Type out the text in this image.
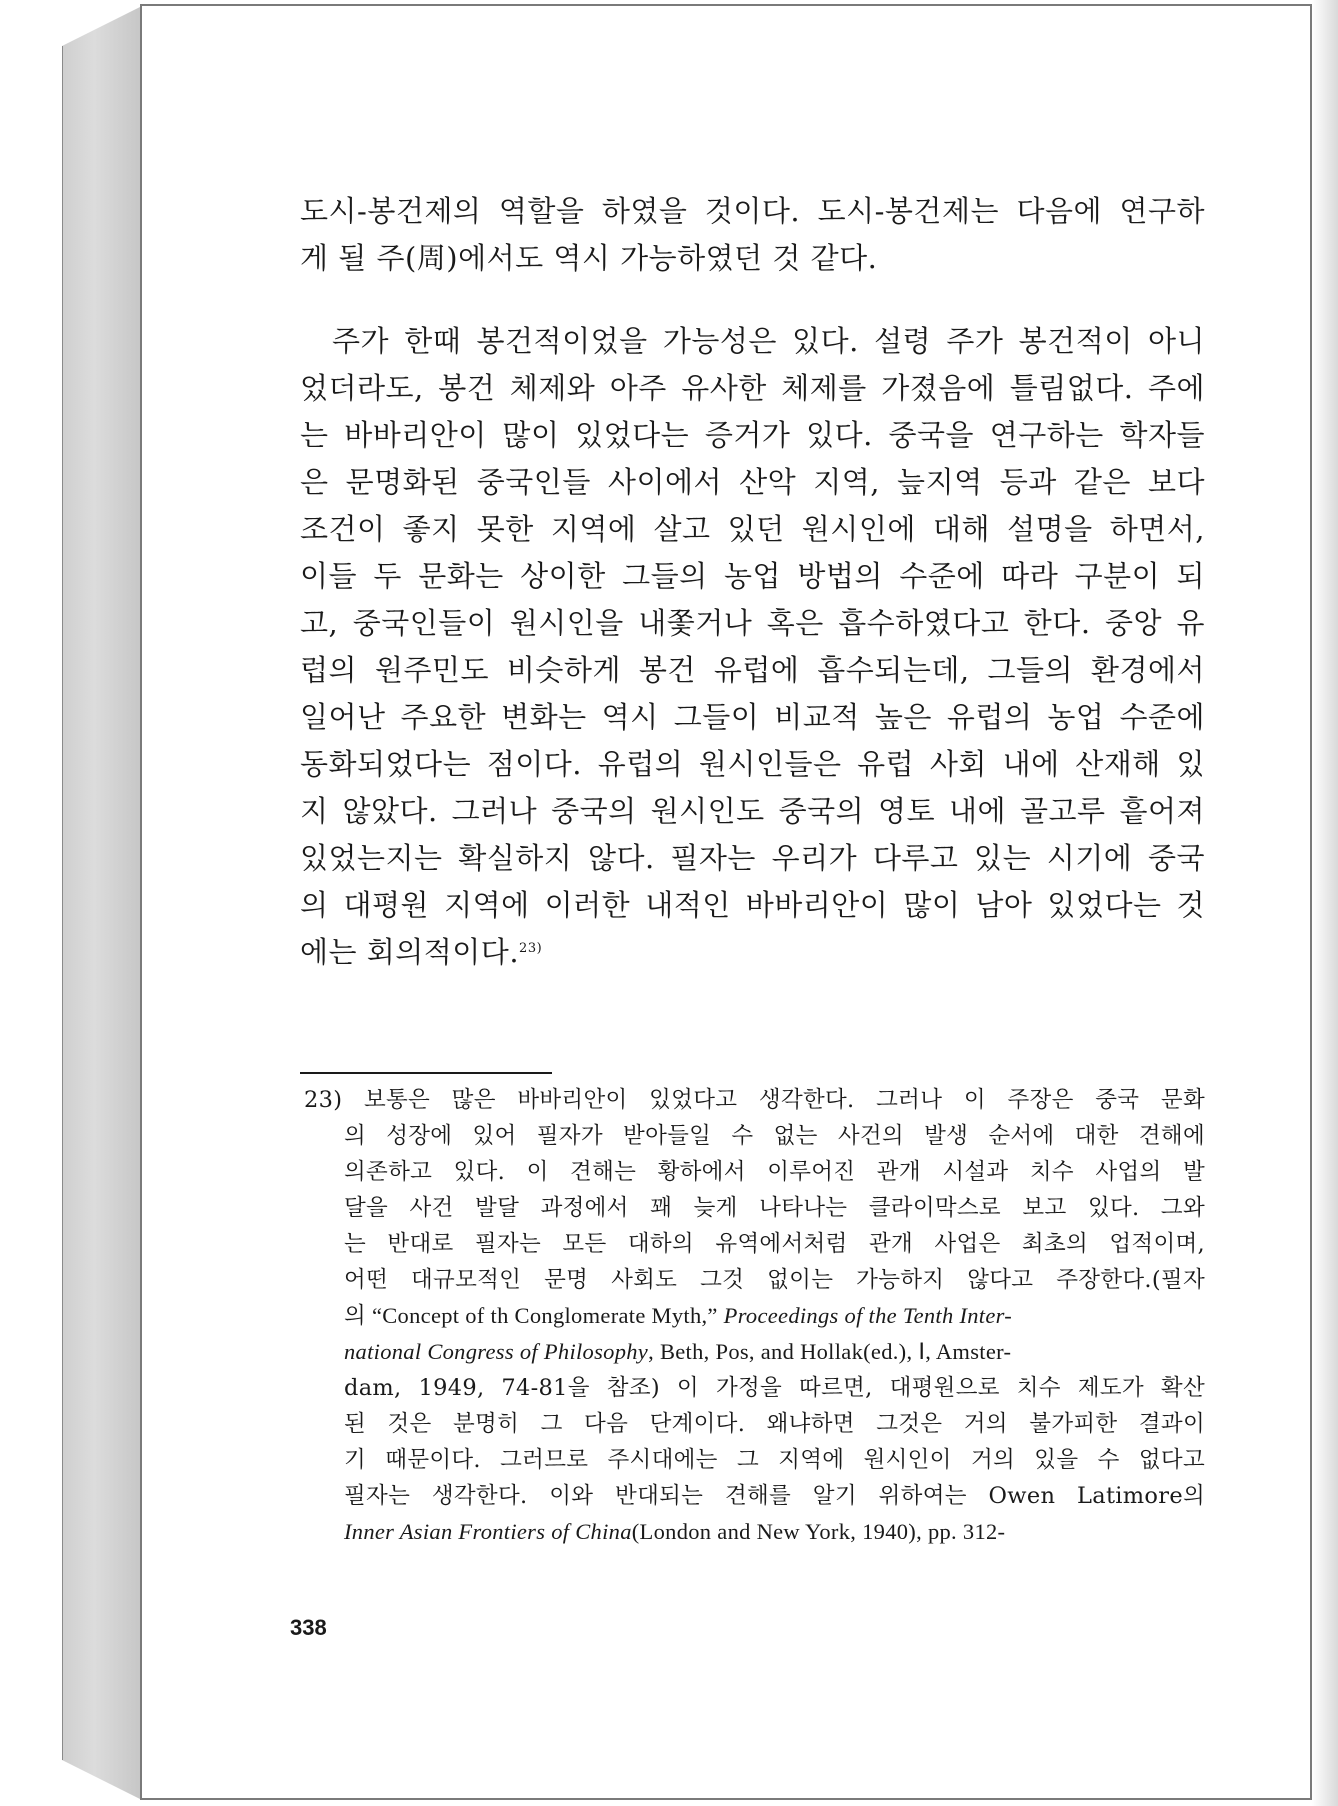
도시-봉건제의 역할을 하였을 것이다. 도시-봉건제는 다음에 연구하
게 될 주(周)에서도 역시 가능하였던 것 같다.
주가 한때 봉건적이었을 가능성은 있다. 설령 주가 봉건적이 아니
었더라도, 봉건 체제와 아주 유사한 체제를 가졌음에 틀림없다. 주에
는 바바리안이 많이 있었다는 증거가 있다. 중국을 연구하는 학자들
은 문명화된 중국인들 사이에서 산악 지역, 늪지역 등과 같은 보다
조건이 좋지 못한 지역에 살고 있던 원시인에 대해 설명을 하면서,
이들 두 문화는 상이한 그들의 농업 방법의 수준에 따라 구분이 되
고, 중국인들이 원시인을 내쫓거나 혹은 흡수하였다고 한다. 중앙 유
럽의 원주민도 비슷하게 봉건 유럽에 흡수되는데, 그들의 환경에서
일어난 주요한 변화는 역시 그들이 비교적 높은 유럽의 농업 수준에
동화되었다는 점이다. 유럽의 원시인들은 유럽 사회 내에 산재해 있
지 않았다. 그러나 중국의 원시인도 중국의 영토 내에 골고루 흩어져
있었는지는 확실하지 않다. 필자는 우리가 다루고 있는 시기에 중국
의 대평원 지역에 이러한 내적인 바바리안이 많이 남아 있었다는 것
에는 회의적이다.$^{23)}$
23) 보통은 많은 바바리안이 있었다고 생각한다. 그러나 이 주장은 중국 문화
의 성장에 있어 필자가 받아들일 수 없는 사건의 발생 순서에 대한 견해에
의존하고 있다. 이 견해는 황하에서 이루어진 관개 시설과 치수 사업의 발
달을 사건 발달 과정에서 꽤 늦게 나타나는 클라이막스로 보고 있다. 그와
는 반대로 필자는 모든 대하의 유역에서처럼 관개 사업은 최초의 업적이며,
어떤 대규모적인 문명 사회도 그것 없이는 가능하지 않다고 주장한다.(필자
의 “Concept of th Conglomerate Myth,” Proceedings of the Tenth Inter-
national Congress of Philosophy, Beth, Pos, and Hollak(ed.), Ⅰ, Amster-
dam, 1949, 74-81을 참조) 이 가정을 따르면, 대평원으로 치수 제도가 확산
된 것은 분명히 그 다음 단계이다. 왜냐하면 그것은 거의 불가피한 결과이
기 때문이다. 그러므로 주시대에는 그 지역에 원시인이 거의 있을 수 없다고
필자는 생각한다. 이와 반대되는 견해를 알기 위하여는 Owen Latimore의
Inner Asian Frontiers of China(London and New York, 1940), pp. 312-
338
